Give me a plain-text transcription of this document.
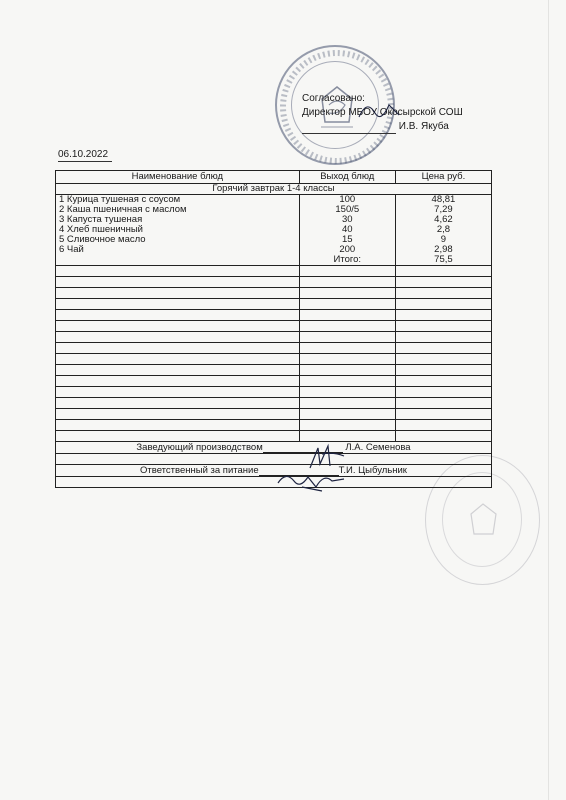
Согласовано:
Директор МБОУ Окосырской СОШ
И.В. Якуба
06.10.2022
Наименование блюд	Выход блюд	Цена руб.
Горячий завтрак 1-4 классы		
1 Курица тушеная с соусом	100	48,81
2 Каша пшеничная с маслом	150/5	7,29
3 Капуста тушеная	30	4,62
4 Хлеб пшеничный	40	2,8
5 Сливочное масло	15	9
6 Чай	200	2,98
	Итого:	75,5

Заведующий производством Л.А. Семенова		

Ответственный за питание Т.И. Цыбульник		
